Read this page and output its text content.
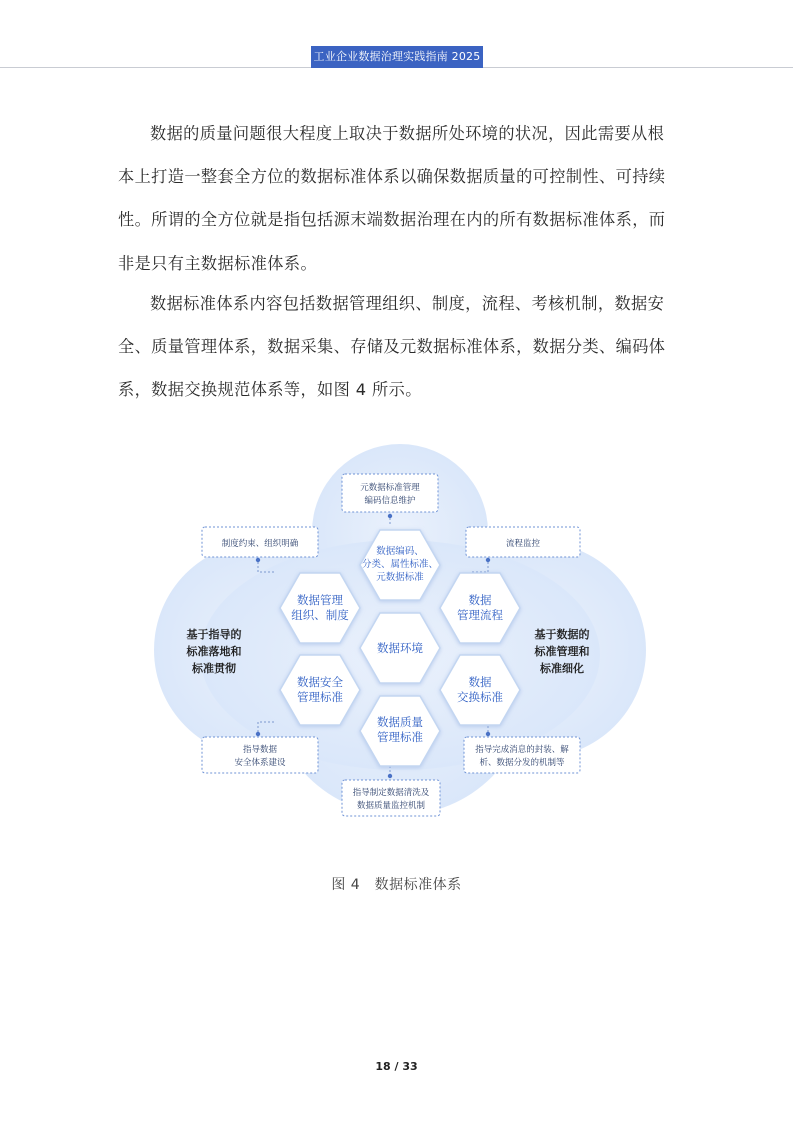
工业企业数据治理实践指南 2025

数据的质量问题很大程度上取决于数据所处环境的状况，因此需要从根本上打造一整套全方位的数据标准体系以确保数据质量的可控制性、可持续性。所谓的全方位就是指包括源末端数据治理在内的所有数据标准体系，而非是只有主数据标准体系。

数据标准体系内容包括数据管理组织、制度，流程、考核机制，数据安全、质量管理体系，数据采集、存储及元数据标准体系，数据分类、编码体系，数据交换规范体系等，如图 4 所示。

元数据标准管理
编码信息维护
制度约束、组织明确	流程监控
指导数据
安全体系建设
指导完成消息的封装、解
析、数据分发的机制等
指导制定数据清洗及
数据质量监控机制
基于指导的
标准落地和
标准贯彻
基于数据的
标准管理和
标准细化
数据编码、
分类、属性标准、
元数据标准
数据管理
组织、制度
数据
管理流程
数据环境
数据安全
管理标准
数据
交换标准
数据质量
管理标准
图 4　数据标准体系
18 / 33
